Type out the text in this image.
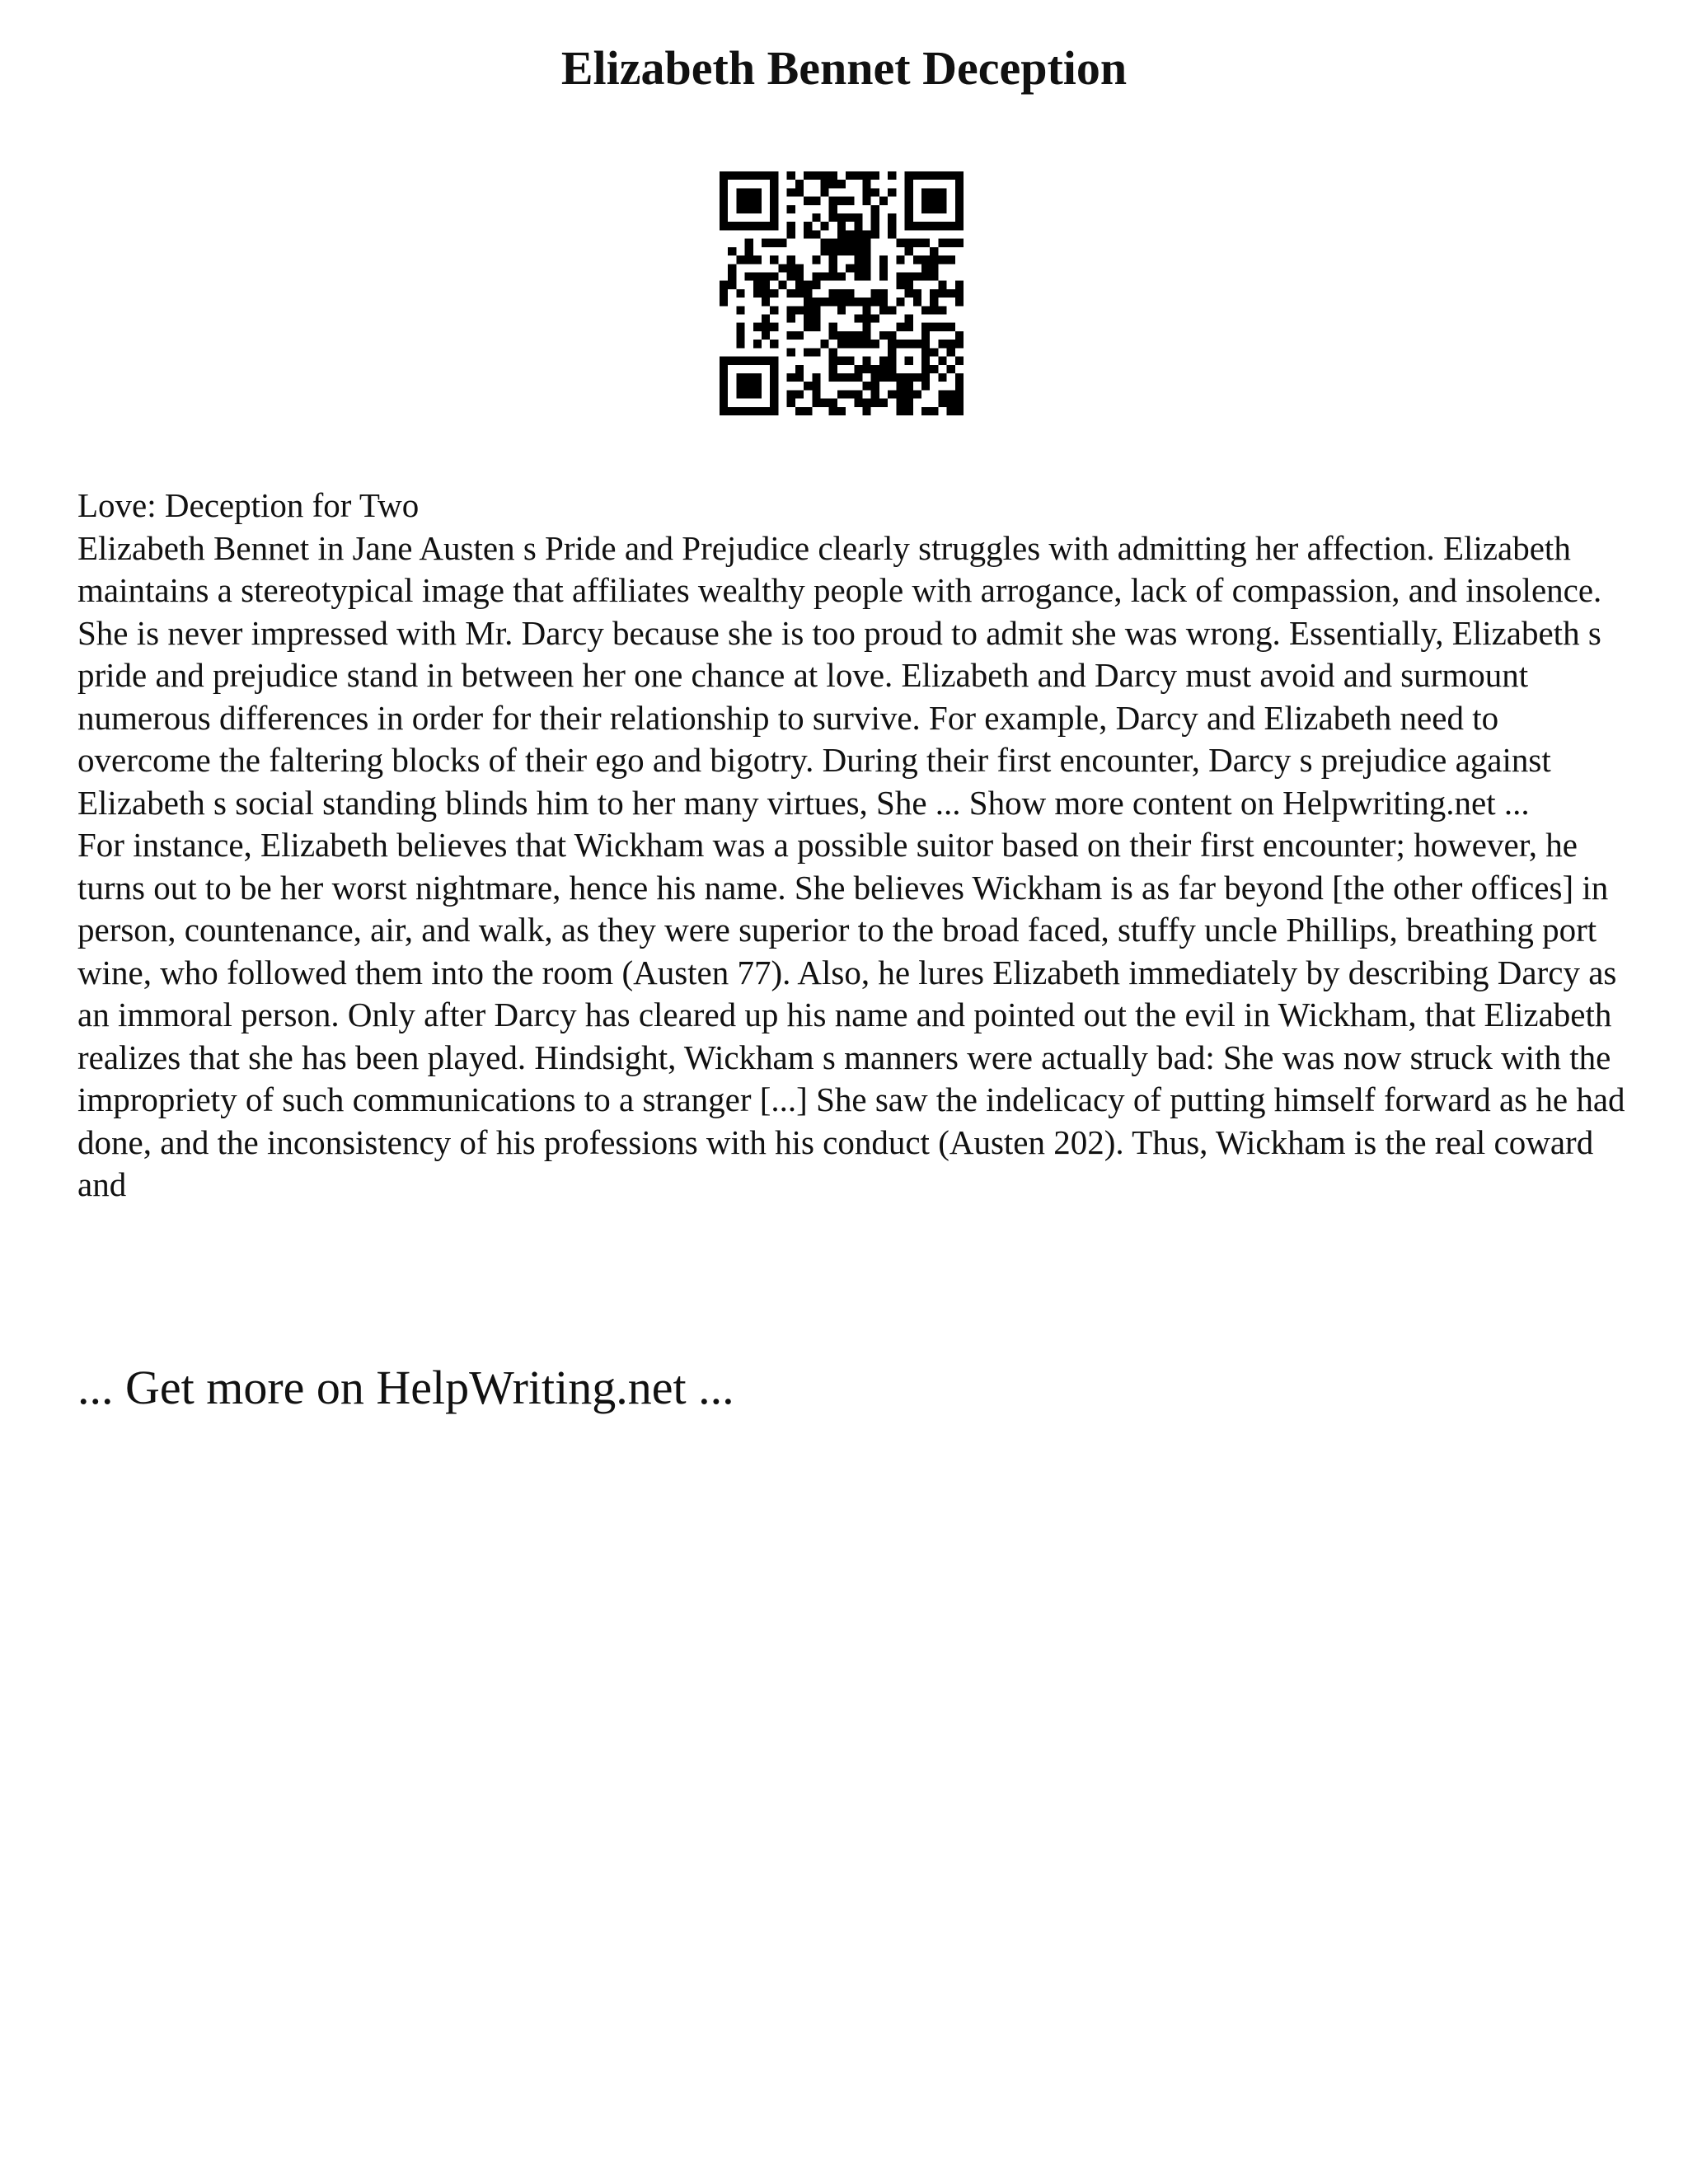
Elizabeth Bennet Deception

Love: Deception for Two

Elizabeth Bennet in Jane Austen s Pride and Prejudice clearly struggles with admitting her affection. Elizabeth maintains a stereotypical image that affiliates wealthy people with arrogance, lack of compassion, and insolence. She is never impressed with Mr. Darcy because she is too proud to admit she was wrong. Essentially, Elizabeth s pride and prejudice stand in between her one chance at love. Elizabeth and Darcy must avoid and surmount numerous differences in order for their relationship to survive. For example, Darcy and Elizabeth need to overcome the faltering blocks of their ego and bigotry. During their first encounter, Darcy s prejudice against Elizabeth s social standing blinds him to her many virtues, She ... Show more content on Helpwriting.net ...

For instance, Elizabeth believes that Wickham was a possible suitor based on their first encounter; however, he turns out to be her worst nightmare, hence his name. She believes Wickham is as far beyond [the other offices] in person, countenance, air, and walk, as they were superior to the broad faced, stuffy uncle Phillips, breathing port wine, who followed them into the room (Austen 77). Also, he lures Elizabeth immediately by describing Darcy as an immoral person. Only after Darcy has cleared up his name and pointed out the evil in Wickham, that Elizabeth realizes that she has been played. Hindsight, Wickham s manners were actually bad: She was now struck with the impropriety of such communications to a stranger [...] She saw the indelicacy of putting himself forward as he had done, and the inconsistency of his professions with his conduct (Austen 202). Thus, Wickham is the real coward and

... Get more on HelpWriting.net ...
